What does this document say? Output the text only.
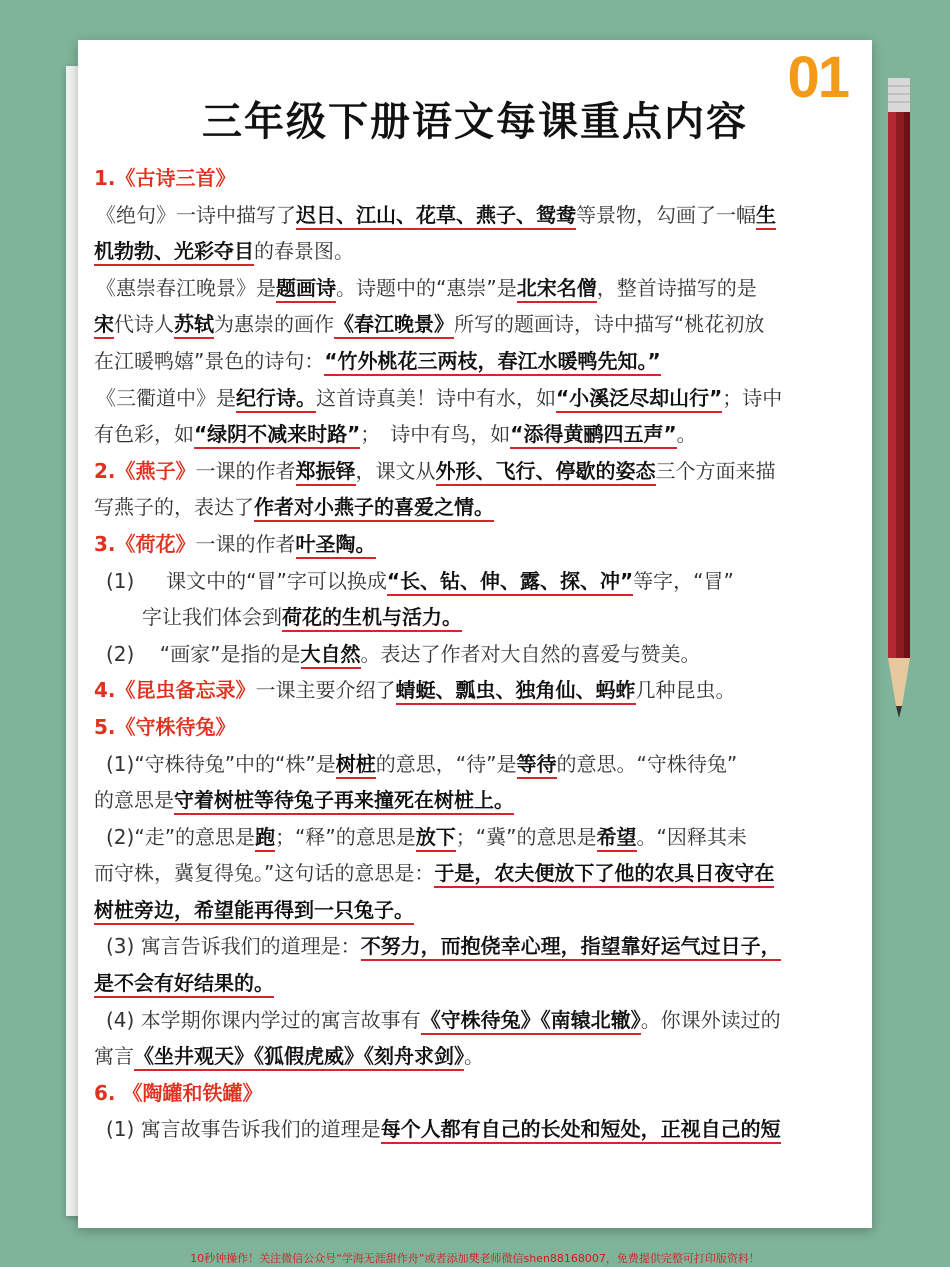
01
三年级下册语文每课重点内容

1.《古诗三首》

《绝句》一诗中描写了迟日、江山、花草、燕子、鸳鸯等景物，勾画了一幅生

机勃勃、光彩夺目的春景图。

《惠崇春江晚景》是题画诗。诗题中的“惠崇”是北宋名僧，整首诗描写的是

宋代诗人苏轼为惠崇的画作《春江晚景》所写的题画诗，诗中描写“桃花初放

在江暖鸭嬉”景色的诗句：“竹外桃花三两枝，春江水暖鸭先知。”

《三衢道中》是纪行诗。这首诗真美！诗中有水，如“小溪泛尽却山行”；诗中

有色彩，如“绿阴不减来时路”；　诗中有鸟，如“添得黄鹂四五声”。

2.《燕子》一课的作者郑振铎，课文从外形、飞行、停歇的姿态三个方面来描

写燕子的，表达了作者对小燕子的喜爱之情。

3.《荷花》一课的作者叶圣陶。

(1) 课文中的“冒”字可以换成“长、钻、伸、露、探、冲”等字，“冒”

字让我们体会到荷花的生机与活力。

(2) “画家”是指的是大自然。表达了作者对大自然的喜爱与赞美。

4.《昆虫备忘录》一课主要介绍了蜻蜓、瓢虫、独角仙、蚂蚱几种昆虫。

5.《守株待兔》

(1)“守株待兔”中的“株”是树桩的意思，“待”是等待的意思。“守株待兔”

的意思是守着树桩等待兔子再来撞死在树桩上。

(2)“走”的意思是跑；“释”的意思是放下；“冀”的意思是希望。“因释其耒

而守株，冀复得兔。”这句话的意思是：于是，农夫便放下了他的农具日夜守在

树桩旁边，希望能再得到一只兔子。

(3) 寓言告诉我们的道理是：不努力，而抱侥幸心理，指望靠好运气过日子，

是不会有好结果的。

(4) 本学期你课内学过的寓言故事有《守株待兔》《南辕北辙》。你课外读过的

寓言《坐井观天》《狐假虎威》《刻舟求剑》。

6. 《陶罐和铁罐》

(1) 寓言故事告诉我们的道理是每个人都有自己的长处和短处，正视自己的短

10秒钟操作！关注微信公众号“学海无涯甜作舟”或者添加樊老师微信shen88168007，免费提供完整可打印版资料！
